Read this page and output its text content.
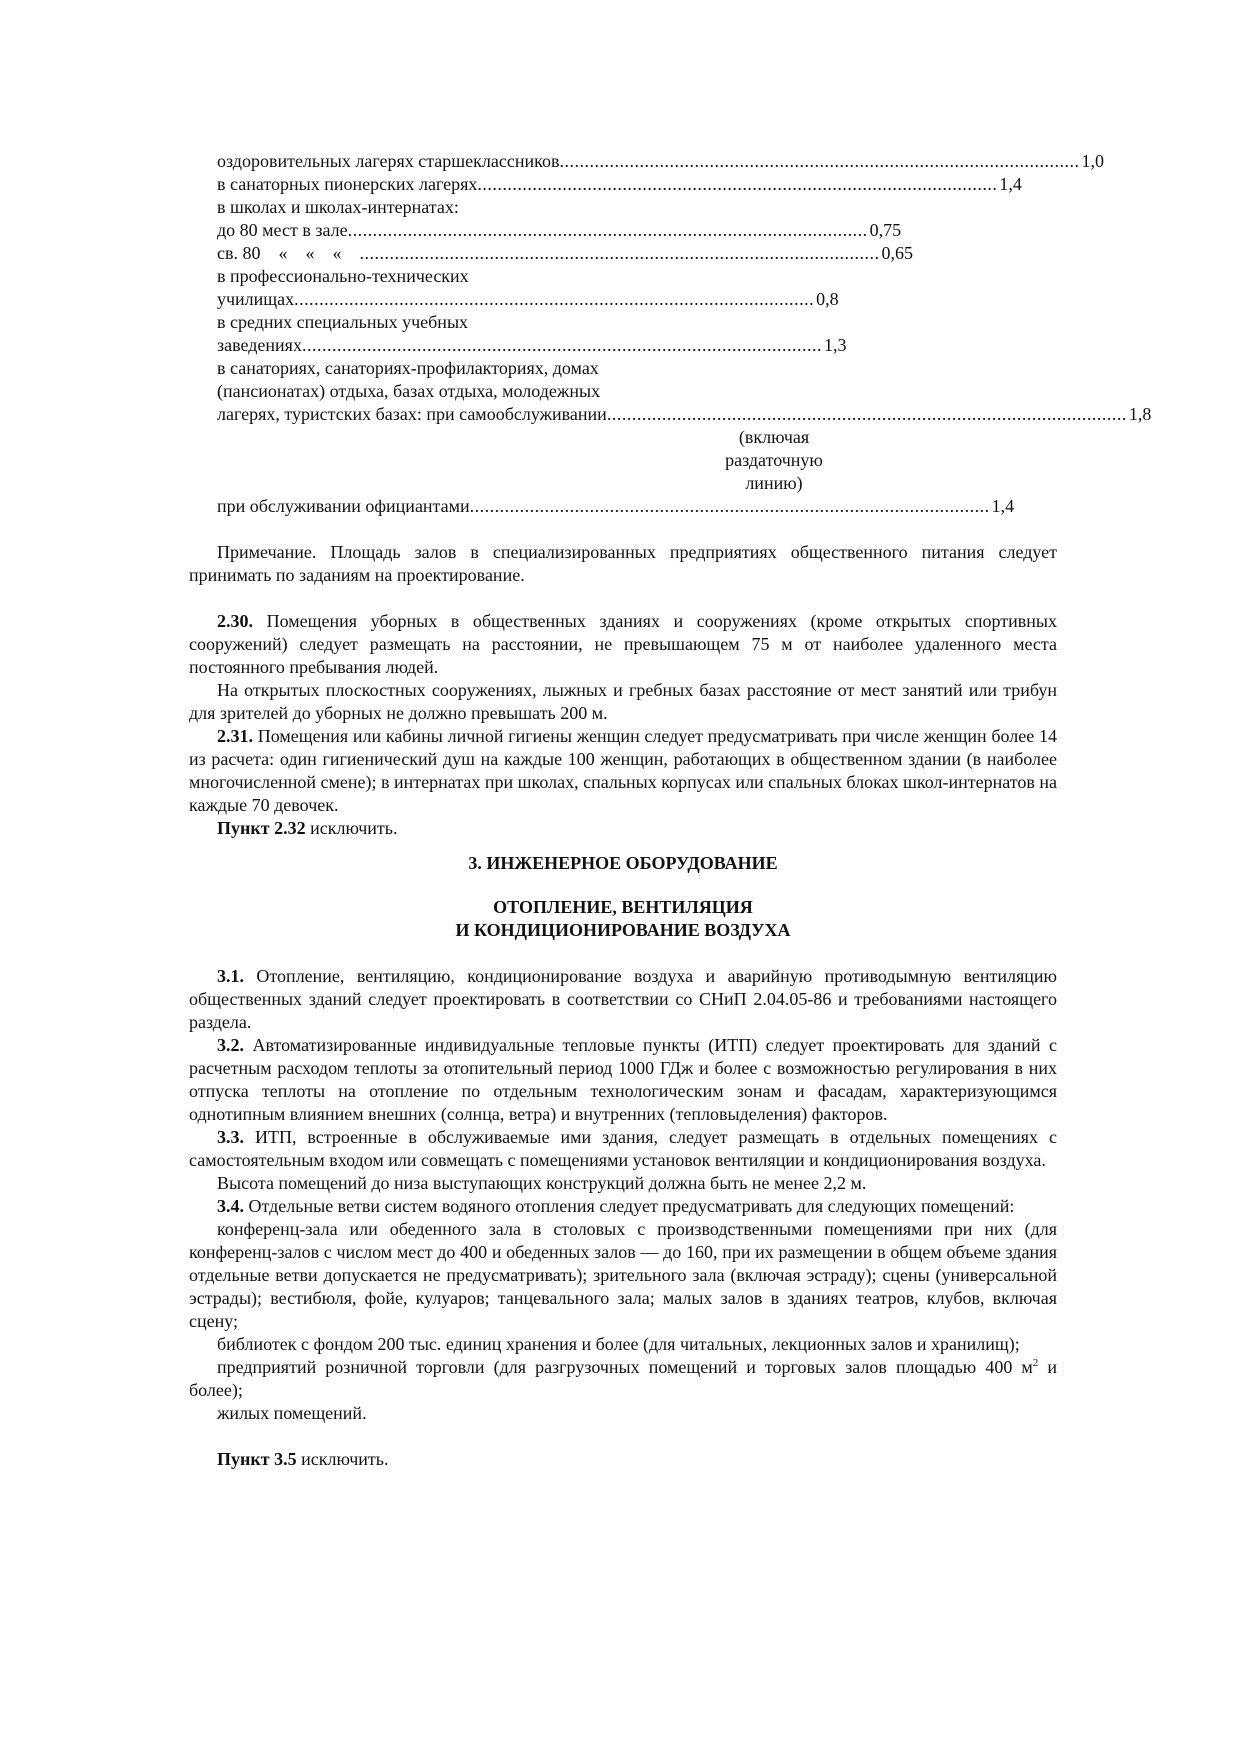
оздоровительных лагерях старшеклассников ........................................................................................................ 1,0
в санаторных пионерских лагерях ........................................................................................................ 1,4
в школах и школах-интернатах:
до 80 мест в зале ........................................................................................................ 0,75
св. 80    «    «    « ........................................................................................................ 0,65
в профессионально-технических
училищах ........................................................................................................ 0,8
в средних специальных учебных
заведениях ........................................................................................................ 1,3
в санаториях, санаториях-профилакториях, домах
(пансионатах) отдыха, базах отдыха, молодежных
лагерях, туристских базах: при самообслуживании ........................................................................................................ 1,8
(включая
раздаточную
линию)
при обслуживании официантами ........................................................................................................ 1,4

Примечание. Площадь залов в специализированных предприятиях общественного питания следует принимать по заданиям на проектирование.

2.30. Помещения уборных в общественных зданиях и сооружениях (кроме открытых спортивных сооружений) следует размещать на расстоянии, не превышающем 75 м от наиболее удаленного места постоянного пребывания людей.

На открытых плоскостных сооружениях, лыжных и гребных базах расстояние от мест занятий или трибун для зрителей до уборных не должно превышать 200 м.

2.31. Помещения или кабины личной гигиены женщин следует предусматривать при числе женщин более 14 из расчета: один гигиенический душ на каждые 100 женщин, работающих в общественном здании (в наиболее многочисленной смене); в интернатах при школах, спальных корпусах или спальных блоках школ-интернатов на каждые 70 девочек.

Пункт 2.32 исключить.

3. ИНЖЕНЕРНОЕ ОБОРУДОВАНИЕ
ОТОПЛЕНИЕ, ВЕНТИЛЯЦИЯ
И КОНДИЦИОНИРОВАНИЕ ВОЗДУХА

3.1. Отопление, вентиляцию, кондиционирование воздуха и аварийную противодымную вентиляцию общественных зданий следует проектировать в соответствии со СНиП 2.04.05-86 и требованиями настоящего раздела.

3.2. Автоматизированные индивидуальные тепловые пункты (ИТП) следует проектировать для зданий с расчетным расходом теплоты за отопительный период 1000 ГДж и более с возможностью регулирования в них отпуска теплоты на отопление по отдельным технологическим зонам и фасадам, характеризующимся однотипным влиянием внешних (солнца, ветра) и внутренних (тепловыделения) факторов.

3.3. ИТП, встроенные в обслуживаемые ими здания, следует размещать в отдельных помещениях с самостоятельным входом или совмещать с помещениями установок вентиляции и кондиционирования воздуха.

Высота помещений до низа выступающих конструкций должна быть не менее 2,2 м.

3.4. Отдельные ветви систем водяного отопления следует предусматривать для следующих помещений:

конференц-зала или обеденного зала в столовых с производственными помещениями при них (для конференц-залов с числом мест до 400 и обеденных залов — до 160, при их размещении в общем объеме здания отдельные ветви допускается не предусматривать); зрительного зала (включая эстраду); сцены (универсальной эстрады); вестибюля, фойе, кулуаров; танцевального зала; малых залов в зданиях театров, клубов, включая сцену;

библиотек с фондом 200 тыс. единиц хранения и более (для читальных, лекционных залов и хранилищ);

предприятий розничной торговли (для разгрузочных помещений и торговых залов площадью 400 $м^2$ и более);

жилых помещений.

Пункт 3.5 исключить.
